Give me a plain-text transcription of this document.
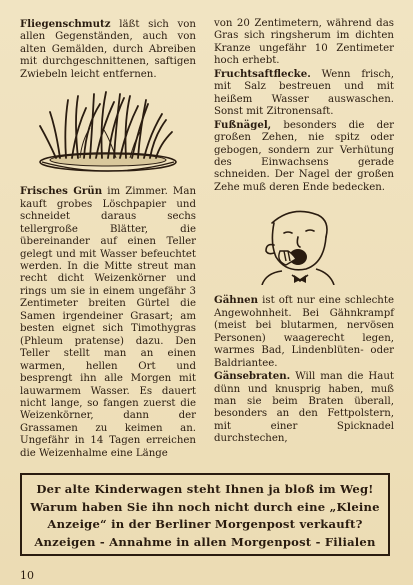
Fliegenschmutz läßt sich von allen Gegenständen, auch von alten Gemälden, durch Abreiben mit durchgeschnittenen, saftigen Zwiebeln leicht entfernen.

Frisches Grün im Zimmer. Man kauft grobes Löschpapier und schneidet daraus sechs tellergroße Blätter, die übereinander auf einen Teller gelegt und mit Wasser befeuchtet werden. In die Mitte streut man recht dicht Weizenkörner und rings um sie in einem ungefähr 3 Zentimeter breiten Gürtel die Samen irgendeiner Grasart; am besten eignet sich Timothygras (Phleum pratense) dazu. Den Teller stellt man an einen warmen, hellen Ort und besprengt ihn alle Morgen mit lauwarmem Wasser. Es dauert nicht lange, so fangen zuerst die Weizenkörner, dann der Grassamen zu keimen an. Ungefähr in 14 Tagen erreichen die Weizenhalme eine Länge

von 20 Zentimetern, während das Gras sich ringsherum im dichten Kranze ungefähr 10 Zentimeter hoch erhebt.

Fruchtsaftflecke. Wenn frisch, mit Salz bestreuen und mit heißem Wasser auswaschen. Sonst mit Zitronensaft.

Fußnägel, besonders die der großen Zehen, nie spitz oder gebogen, sondern zur Verhütung des Einwachsens gerade schneiden. Der Nagel der großen Zehe muß deren Ende bedecken.

Gähnen ist oft nur eine schlechte Angewohnheit. Bei Gähnkrampf (meist bei blutarmen, nervösen Personen) waagerecht legen, warmes Bad, Lindenblüten- oder Baldriantee.

Gänsebraten. Will man die Haut dünn und knusprig haben, muß man sie beim Braten überall, besonders an den Fettpolstern, mit einer Spicknadel durchstechen,

Der alte Kinderwagen steht Ihnen ja bloß im Weg!
Warum haben Sie ihn noch nicht durch eine „Kleine
Anzeige“ in der Berliner Morgenpost verkauft?
Anzeigen - Annahme in allen Morgenpost - Filialen
10
